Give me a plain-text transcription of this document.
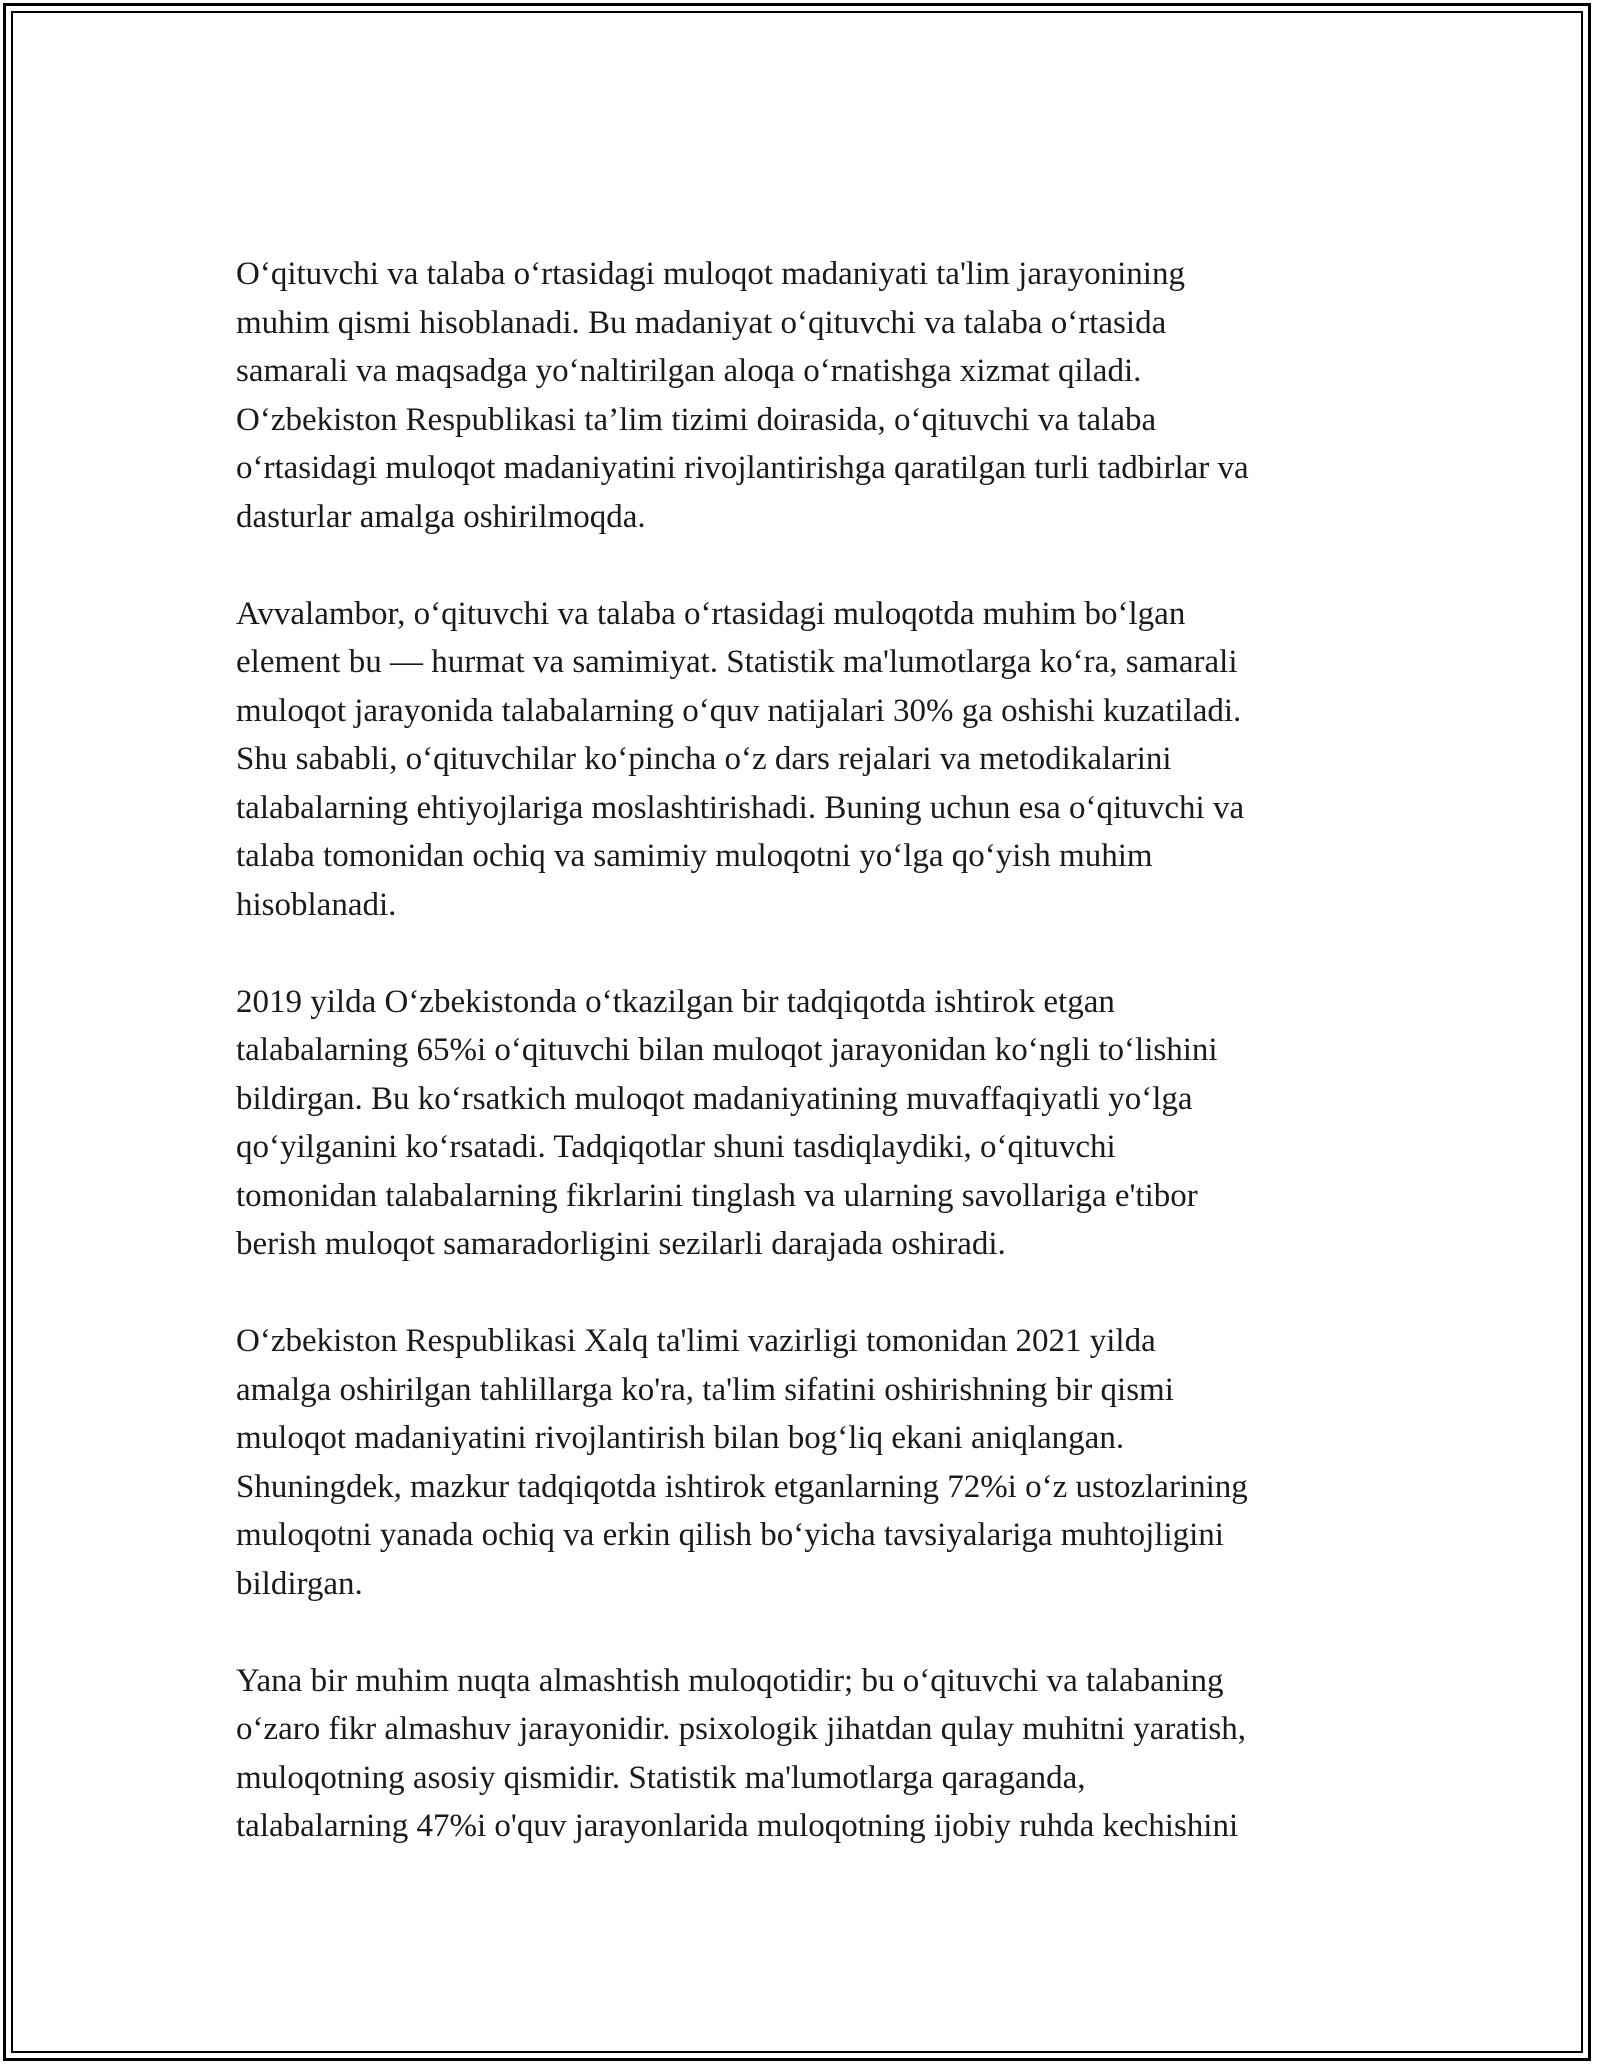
O‘qituvchi va talaba o‘rtasidagi muloqot madaniyati ta'lim jarayonining
muhim qismi hisoblanadi. Bu madaniyat o‘qituvchi va talaba o‘rtasida
samarali va maqsadga yo‘naltirilgan aloqa o‘rnatishga xizmat qiladi.
O‘zbekiston Respublikasi ta’lim tizimi doirasida, o‘qituvchi va talaba
o‘rtasidagi muloqot madaniyatini rivojlantirishga qaratilgan turli tadbirlar va
dasturlar amalga oshirilmoqda.

Avvalambor, o‘qituvchi va talaba o‘rtasidagi muloqotda muhim bo‘lgan
element bu — hurmat va samimiyat. Statistik ma'lumotlarga ko‘ra, samarali
muloqot jarayonida talabalarning o‘quv natijalari 30% ga oshishi kuzatiladi.
Shu sababli, o‘qituvchilar ko‘pincha o‘z dars rejalari va metodikalarini
talabalarning ehtiyojlariga moslashtirishadi. Buning uchun esa o‘qituvchi va
talaba tomonidan ochiq va samimiy muloqotni yo‘lga qo‘yish muhim
hisoblanadi.

2019 yilda O‘zbekistonda o‘tkazilgan bir tadqiqotda ishtirok etgan
talabalarning 65%i o‘qituvchi bilan muloqot jarayonidan ko‘ngli to‘lishini
bildirgan. Bu ko‘rsatkich muloqot madaniyatining muvaffaqiyatli yo‘lga
qo‘yilganini ko‘rsatadi. Tadqiqotlar shuni tasdiqlaydiki, o‘qituvchi
tomonidan talabalarning fikrlarini tinglash va ularning savollariga e'tibor
berish muloqot samaradorligini sezilarli darajada oshiradi.

O‘zbekiston Respublikasi Xalq ta'limi vazirligi tomonidan 2021 yilda
amalga oshirilgan tahlillarga ko'ra, ta'lim sifatini oshirishning bir qismi
muloqot madaniyatini rivojlantirish bilan bog‘liq ekani aniqlangan.
Shuningdek, mazkur tadqiqotda ishtirok etganlarning 72%i o‘z ustozlarining
muloqotni yanada ochiq va erkin qilish bo‘yicha tavsiyalariga muhtojligini
bildirgan.

Yana bir muhim nuqta almashtish muloqotidir; bu o‘qituvchi va talabaning
o‘zaro fikr almashuv jarayonidir. psixologik jihatdan qulay muhitni yaratish,
muloqotning asosiy qismidir. Statistik ma'lumotlarga qaraganda,
talabalarning 47%i o'quv jarayonlarida muloqotning ijobiy ruhda kechishini
